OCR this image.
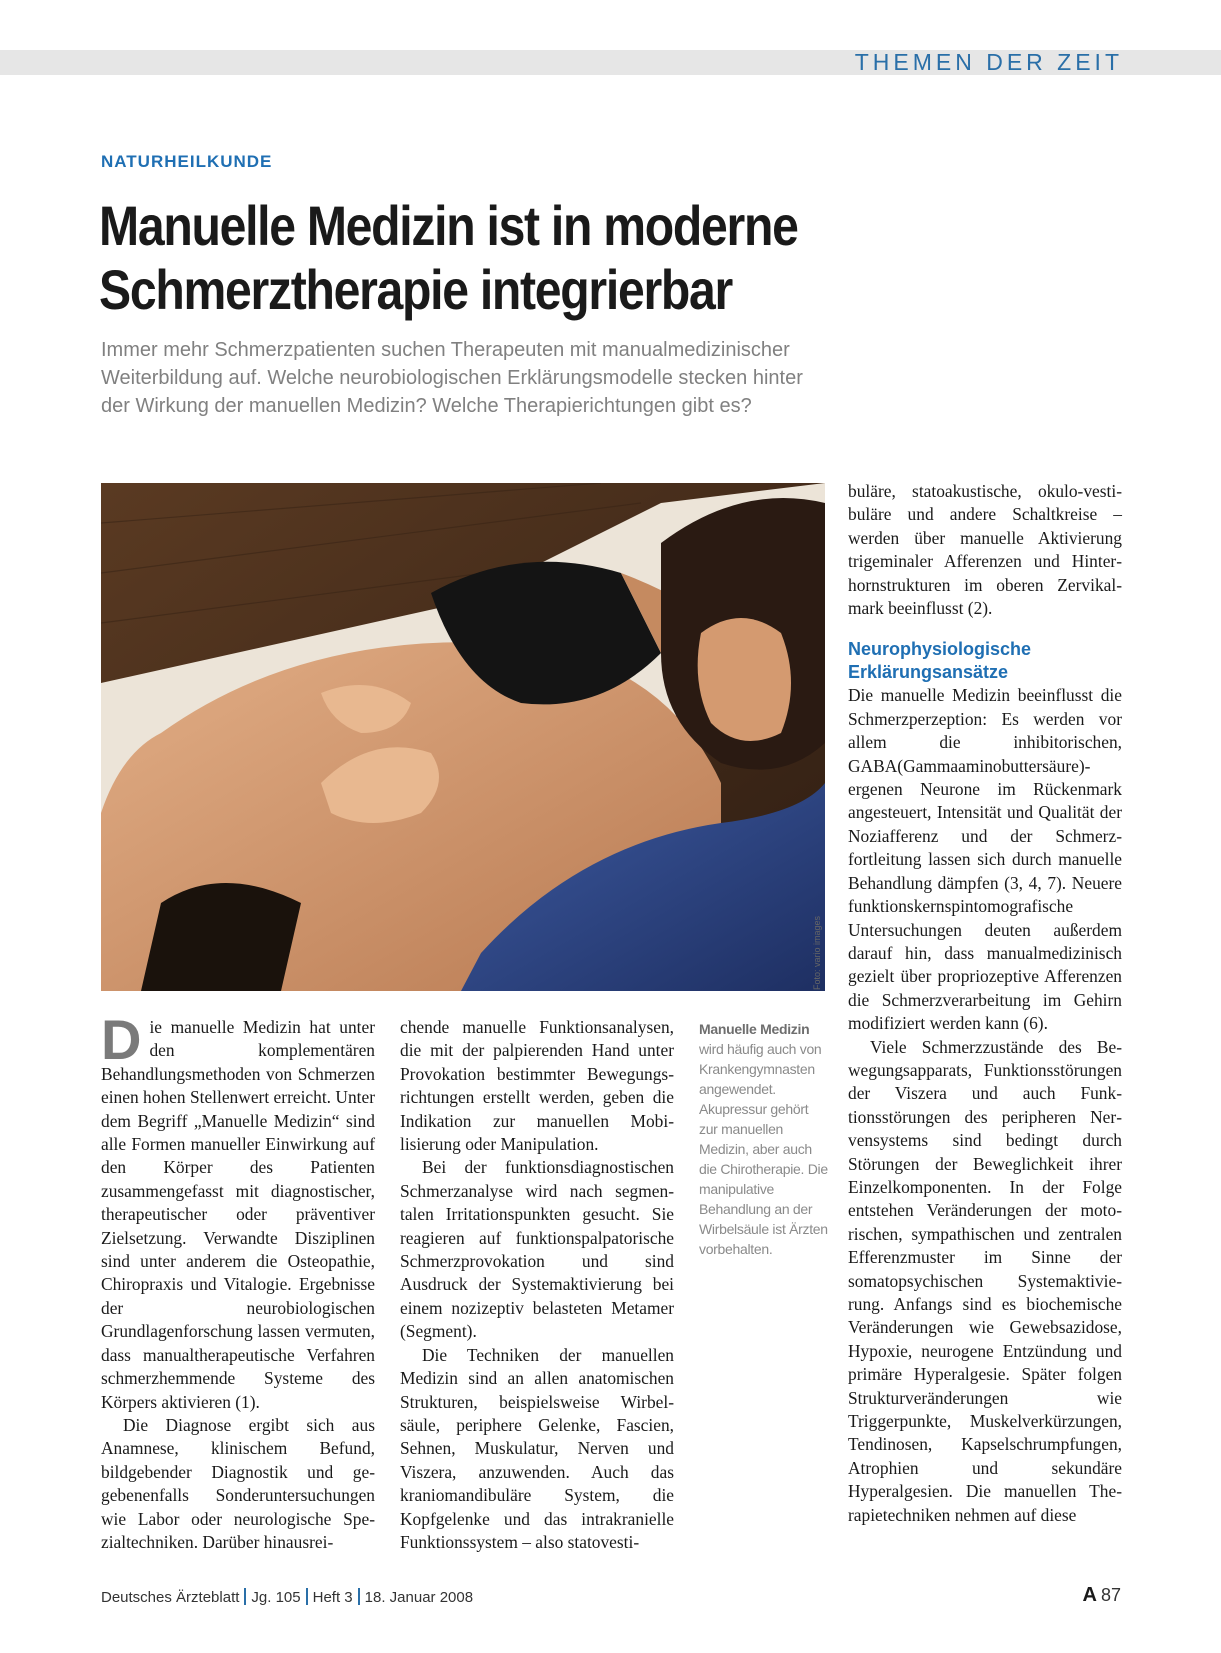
THEMEN DER ZEIT
NATURHEILKUNDE
Manuelle Medizin ist in moderne
Schmerztherapie integrierbar

Immer mehr Schmerzpatienten suchen Therapeuten mit manualmedizinischer
Weiterbildung auf. Welche neurobiologischen Erklärungsmodelle stecken hinter
der Wirkung der manuellen Medizin? Welche Therapierichtungen gibt es?

Foto: vario images

Die manuelle Medizin hat unter den komplementären Behandlungsmethoden von Schmerzen einen hohen Stellenwert erreicht. Unter dem Begriff „Manuelle Medizin“ sind alle Formen manueller Einwirkung auf den Körper des Patienten zusammengefasst mit diagnostischer, therapeutischer oder präventiver Zielsetzung. Verwandte Disziplinen sind unter anderem die Osteopathie, Chiropraxis und Vitalogie. Ergebnisse der neurobiologischen Grundlagenforschung lassen vermuten, dass manualtherapeutische Verfahren schmerzhemmende Systeme des Körpers aktivieren (1).

Die Diagnose ergibt sich aus Anamnese, klinischem Befund, bildgebender Diagnostik und gegebenenfalls Sonderuntersuchungen wie Labor oder neurologische Spezialtechniken. Darüber hinausrei-

chende manuelle Funktionsanalysen, die mit der palpierenden Hand unter Provokation bestimmter Bewegungsrichtungen erstellt werden, geben die Indikation zur manuellen Mobilisierung oder Manipulation.

Bei der funktionsdiagnostischen Schmerzanalyse wird nach segmentalen Irritationspunkten gesucht. Sie reagieren auf funktionspalpatorische Schmerzprovokation und sind Ausdruck der Systemaktivierung bei einem nozizeptiv belasteten Metamer (Segment).

Die Techniken der manuellen Medizin sind an allen anatomischen Strukturen, beispielsweise Wirbelsäule, periphere Gelenke, Fascien, Sehnen, Muskulatur, Nerven und Viszera, anzuwenden. Auch das kraniomandibuläre System, die Kopfgelenke und das intrakranielle Funktionssystem – also statovesti-

Manuelle Medizin
wird häufig auch von Krankengymnasten angewendet. Akupressur gehört zur manuellen Medizin, aber auch die Chirotherapie. Die manipulative Behandlung an der Wirbelsäule ist Ärzten vorbehalten.

buläre, statoakustische, okulo-vestibuläre und andere Schaltkreise – werden über manuelle Aktivierung trigeminaler Afferenzen und Hinterhornstrukturen im oberen Zervikalmark beeinflusst (2).

Neurophysiologische Erklärungsansätze

Die manuelle Medizin beeinflusst die Schmerzperzeption: Es werden vor allem die inhibitorischen, GABA(Gammaaminobuttersäure)-ergenen Neurone im Rückenmark angesteuert, Intensität und Qualität der Noziafferenz und der Schmerzfortleitung lassen sich durch manuelle Behandlung dämpfen (3, 4, 7). Neuere funktionskernspintomografische Untersuchungen deuten außerdem darauf hin, dass manualmedizinisch gezielt über propriozeptive Afferenzen die Schmerzverarbeitung im Gehirn modifiziert werden kann (6).

Viele Schmerzzustände des Bewegungsapparats, Funktionsstörungen der Viszera und auch Funktionsstörungen des peripheren Nervensystems sind bedingt durch Störungen der Beweglichkeit ihrer Einzelkomponenten. In der Folge entstehen Veränderungen der motorischen, sympathischen und zentralen Efferenzmuster im Sinne der somatopsychischen Systemaktivierung. Anfangs sind es biochemische Veränderungen wie Gewebsazidose, Hypoxie, neurogene Entzündung und primäre Hyperalgesie. Später folgen Strukturveränderungen wie Triggerpunkte, Muskelverkürzungen, Tendinosen, Kapselschrumpfungen, Atrophien und sekundäre Hyperalgesien. Die manuellen Therapietechniken nehmen auf diese

Deutsches Ärzteblatt Jg. 105 Heft 3 18. Januar 2008	A 87
